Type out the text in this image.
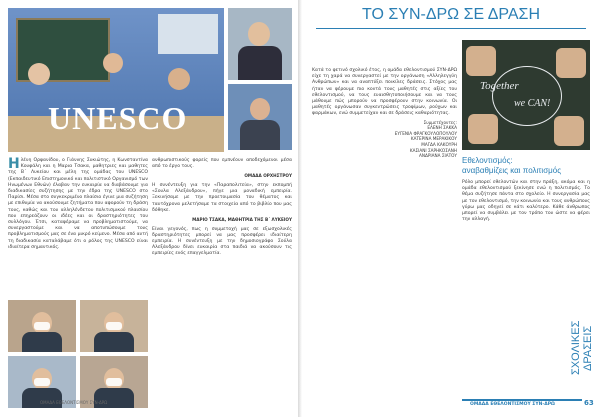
UNESCO
Ηλένη Ορφανίδου, ο Γιάννης Συκιώτης, η Κωνσταντίνα Κουφάλη και η Μαρια Τσακα, μαθητριες και μαθητες της Β΄ Λυκείου και μέλη της ομάδας του UNESCO (Εκπαιδευτικό Επιστημονικό και πολιτιστικό Οργανισμό των Ηνωμένων Εθνών) έλαβαν την ευκαιρία να διαβάσουμε για διαδικασίες συζήτησης με την έδρα της UNESCO στο Παρίσι. Μέσα στο συγκεκριμένο πλαίσιο έγινε μια συζήτηση με επιθυμία να ακούσουμε ζητήματα που αφορούν τη δράση τους, καθώς και του αλληλένδετου πολιτισμικού πλαισίου που επηρεάζουν οι ιδέες και οι δραστηριότητες του συλλόγου. Έτσι, καταφέραμε να προβληματιστούμε, να συνεργαστούμε και να αποτυπώσουμε τους προβληματισμούς μας σε ένα μικρό κείμενο. Μέσα από αυτή τη διαδικασία καταλάβαμε ότι ο ρόλος της UNESCO είναι ιδιαίτερα σημαντικός.
ανθρωπιστικούς φορείς που εμπνέουν αποδεχόμενοι μέσα από το έργο τους.
ΟΜΑΔΑ ΟΡΧΗΣΤΡΟΥ
Η συνέντευξη για την «Παραπολιτεία», στην εκπομπή «Σουλα Αλεξάνδρου», πήγε μια μοναδική εμπειρία. Ξεκινήσαμε με την προετοιμασία του θέματος και ταυτόχρονα μελετήσαμε τα στοιχεία από το βιβλίο που μας δόθηκε.
ΜΑΡΙΟ ΤΣΑΚΑ, ΜΑΘΗΤΡΙΑ ΤΗΣ Β΄ ΛΥΚΕΙΟΥ
Είναι γεγονός, πως η συμμετοχή μας σε εξωσχολικές δραστηριότητες μπορεί να μας προσφέρει ιδιαίτερη εμπειρία. Η συνέντευξη με την δημοσιογράφο Σούλα Αλεξάνδρου δίνει ευκαιρία στα παιδιά να ακούσουν τις εμπειρίες ενός επαγγελματία.
ΟΜΑΔΑ ΕΘΕΛΟΝΤΙΣΜΟΥ ΣΥΝ-ΔΡΩ
ΤΟ ΣΥΝ-ΔΡΩ ΣΕ ΔΡΑΣΗ
Κατά το φετινό σχολικό έτος, η ομάδα εθελοντισμού ΣΥΝ-ΔΡΩ είχε τη χαρά να συνεργαστεί με την οργάνωση «Αλληλεγγύη Ανθρώπων» και να αναπτύξει ποικίλες δράσεις. Στόχος μας ήταν να φέρουμε πιο κοντά τους μαθητές στις αξίες του εθελοντισμού, να τους ευαισθητοποιήσουμε και να τους μάθουμε πώς μπορούν να προσφέρουν στην κοινωνία. Οι μαθητές οργάνωσαν συγκεντρώσεις τροφίμων, ρούχων και φαρμάκων, ενώ συμμετείχαν και σε δράσεις καθαριότητας.
Συμμετέχοντες:
ΕΛΕΝΗ ΣΑΚΚΑ
ΕΥΓΕΝΙΑ ΦΡΑΓΚΟΥΛΟΠΟΥΛΟΥ
ΚΑΤΕΡΙΝΑ ΜΕΡΑΚΙΚΟΥ
ΜΑΓΔΑ ΚΑΚΟΥΡΗ
ΚΑΣΙΑΝΙ ΣΑΡΗΚΟΣΑΝΗ
ΑΝΔΡΙΑΝΑ ΣΙΑΤΟΥ
Together
we CAN!
Εθελοντισμός:
αναβαθμίζεις και πολιτισμός
Ρόλο μπορεί εθελοντών και στην πράξη, ακόμα και η ομάδα εθελοντισμού ξεκίνησε ενώ η πολιτισμός. Το θέμα συζήτησε πάντα στο σχολείο. Η συνεργασία μας με τον εθελοντισμό, την κοινωνία και τους ανθρώπους γύρω μας οδηγεί σε κάτι καλύτερο. Κάθε άνθρωπος μπορεί να συμβάλει με τον τρόπο του ώστε να φέρει την αλλαγή.
ΣΧΟΛΙΚΕΣ ΔΡΑΣΕΙΣ
ΟΜΑΔΑ ΕΘΕΛΟΝΤΙΣΜΟΥ ΣΥΝ-ΔΡΩ	63
